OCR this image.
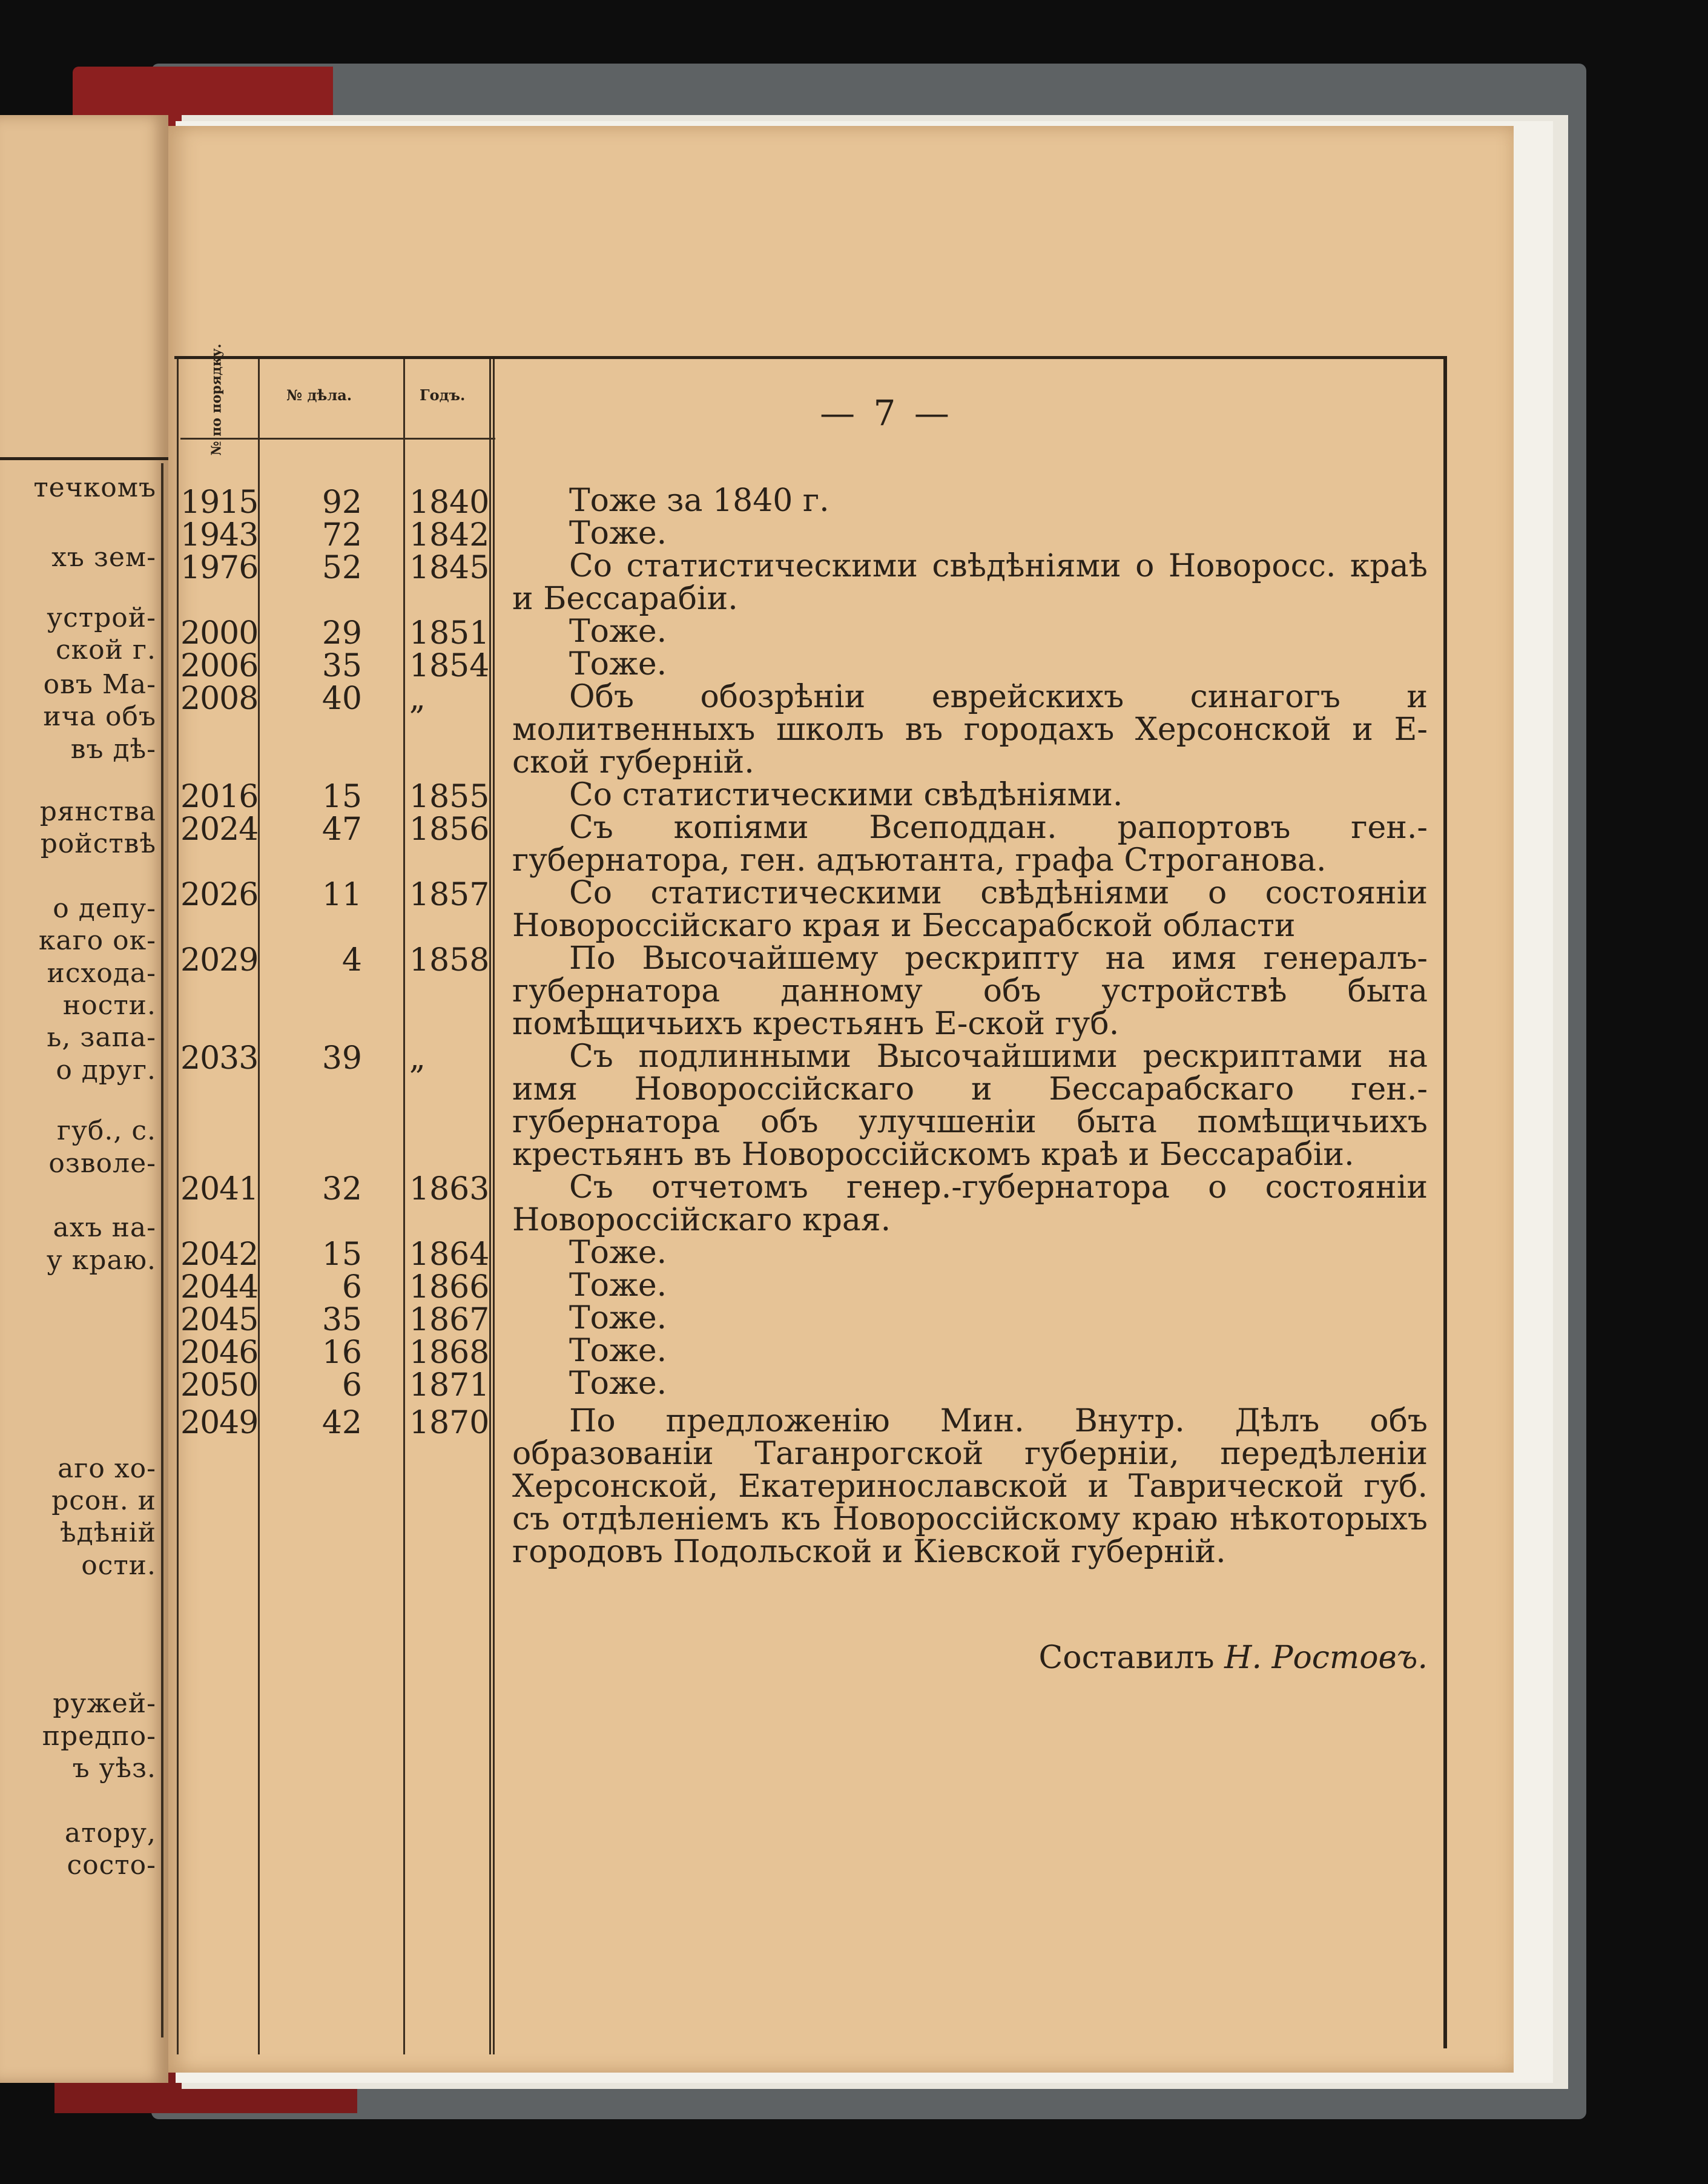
течкомъ
хъ зем-
устрой-
ской г.
овъ Ма-
ича объ
въ дѣ-
рянства
ройствѣ
о депу-
каго ок-
исхода-
ности.
ь, запа-
о друг.
губ., с.
озволе-
ахъ на-
у краю.
аго хо-
рсон. и
ѣдѣній
ости.
ружей-
предпо-
ъ уѣз.
атору,
состо-
— 7 —
№ по порядку.	№ дѣла.	Годъ.
1915	92 1840	Тоже за 1840 г.

1943	72 1842	Тоже.

1976	52 1845	Со статистическими свѣдѣніями о Новоросс. краѣ и Бессарабіи.

2000	29 1851	Тоже.

2006	35 1854	Тоже.

2008	40 „	Объ обозрѣніи еврейскихъ синагогъ и молитвенныхъ школъ въ городахъ Херсонской и Е-ской губерній.

2016	15 1855	Со статистическими свѣдѣніями.

2024	47 1856	Съ копіями Всеподдан. рапортовъ ген.-губернатора, ген. адъютанта, графа Строганова.

2026	11 1857	Со статистическими свѣдѣніями о состояніи Новороссійскаго края и Бессарабской области

2029	4 1858	По Высочайшему рескрипту на имя генералъ-губернатора данному объ устройствѣ быта помѣщичьихъ крестьянъ Е-ской губ.

2033	39 „	Съ подлинными Высочайшими рескриптами на имя Новороссійскаго и Бессарабскаго ген.-губернатора объ улучшеніи быта помѣщичьихъ крестьянъ въ Новороссійскомъ краѣ и Бессарабіи.

2041	32 1863	Съ отчетомъ генер.-губернатора о состояніи Новороссійскаго края.

2042	15 1864	Тоже.

2044	6 1866	Тоже.

2045	35 1867	Тоже.

2046	16 1868	Тоже.

2050	6 1871	Тоже.

2049	42 1870	По предложенію Мин. Внутр. Дѣлъ объ образованіи Таганрогской губерніи, передѣленіи Херсонской, Екатеринославской и Таврической губ. съ отдѣленіемъ къ Новороссійскому краю нѣкоторыхъ городовъ Подольской и Кіевской губерній.

Составилъ Н. Ростовъ.
